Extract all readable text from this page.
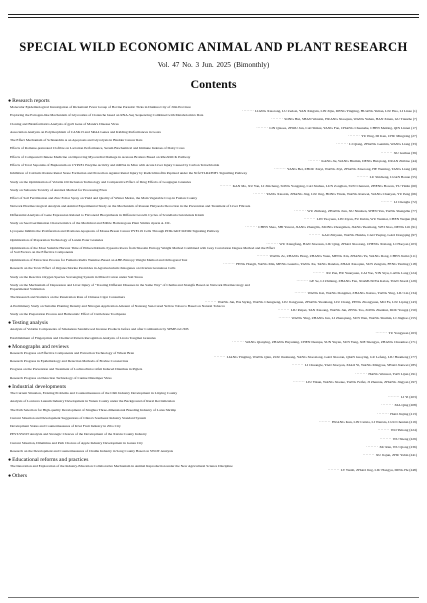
SPECIAL WILD ECONOMIC ANIMAL AND PLANT RESEARCH
Vol. 47 No. 3 Jun. 2025 (Bimonthly)
Contents
●Research reports
Molecular Epidemiological Investigation of Rickettsial Fever Group of Bovine Parasitic Ticks in Dunhua City of Jilin Province
········ LIANG Xiaotong, LU Zedosi, YAN Xingxin, LIN Zijie, DENG Yingting, HUANG Yulian, LIU Hao, LI Linze (1)
Exploring the Estrogen-like Mechanism of Glycosides of Cistanche based on RNA-Seq Sequencing Combined with Metabolomics Data
········ SONG Hui, SHAN Wenxin, HUANG Xiaoqian, WANG Yuhan, HAN Xinan, GU Tianzhe (7)
Cloning and Bioinformatics Analysis of gpr9 Gene of Marek's Disease Virus
········ LIN Qiaoee, ZHOU Jun, CAI Shikai, YANG Fan, CHANG Chuanshe, CHEN Meiting, QIN Linnei (17)
Association Analysis on Polymorphism of CASK13 and SRA4 Genes and Kidding Performances in Goats
········ YU Ping, DI Ken, CHU Mingxing (27)
The Effect Mechanism of Schisandrin A on Apoptosis and Glycolysis in Bladder Cancer Rats
········ LI Qiang, ZHANG Genmin, WANG Liang (33)
Effects of Romane-pretreated Clofibre on Lactation Performance, Serum Biochemical and Immune Indexes of Dairy Cows
········ XU Guihua (39)
Effects of Compound Chinese Medicine on Improving Myocardial Damage in Acetous Broilers Based on Rho/ROCK Pathway
········ KANG Jie, WANG Biumin, DENG Huiqiong, DUAN Zhibiao (44)
Effects of Total Saponins of Bupleurum on CYP2E1 Enzyme Activity and mRNA in Mice with Acute Liver Injury Caused by Carbon Tetrachloride
········ YANG Bei, ZHOU Xiayi, WANG Ziyi, ZHANG Xiaotong, HE Wenting, TANG Liang (49)
Inhibition of Calcium Oxalate Renal Stone Formation and Protection Against Renal Injury by Radicichinoflin Peptized under the Nrf2/TLR4/HIF1 Signalling Pathway
········ LU Shicheng, LUAN Bonan (55)
Study on the Optimization of Volatile Oil Inclusion Technology and Comparative Effect of Drug Effects of Gougugan Granules
········ KAN Mo, XU Yan, LI Zhicheng, SONG Yongping, CAI Xiuhua, LUN Zonglian, SUN Chenwei, ZHENG Bowen, YU Yinlin (60)
Study on Subacute Toxicity of Auxinol Method for Processing Ebon
········ YANG Xiaoxin, ZHANG Jing, LIU Jing, HONG Yinde, WANG Ronwei, WANG Chunyan, YU Peng (66)
Effect of Soil Fertilization and Zinc Foliar Spray on Yield and Quality of Winter Melon, the Main Vegetable Crop in Fuxian County
········ LI Chenglu (72)
Network Pharmacological Analysis and Animal Experimental Study on the Mechanism of Rousan Haiyaoda Decoction in the Prevention and Treatment of Liver Fibrosis
········ WU Zhihong, ZHANG Jian, XU Ninshen, SHEN Yan, YANG Shengzhu (77)
Differential Analysis of Gene Expression Related to Flavonoid Biosynthesis in Different Growth Cycles of Scutellaria baicalensis Kitam
········ LIN Yaoyuan, LIN Ziyan, FU Dabin, WU Wenhai, CHEN Weijun (84)
Study on Seed Germination Characteristics of the Medicinal and Edible Homologous Plant Smilax riparia A. DC.
········ CHEN Shao, SHI Yancai, JIANG Zhenglin, XIONG Zhongzhen, JIANG Yuezhang, WEI Xiao, DENG Lili (91)
Lycopene Inhibits the Proliferation and Promotes Apoptosis of Mouse Breast Cancer PYE119 Cells Through PI3K/AKT/mTOR Signaling Pathway
········ GAO Zhiyuan, WANG Huisha, CAO Yuqing, GAO Dongqing (97)
Optimization of Preparation Technology of Lutein Ester Granules
········ WU Xiangfang, HAN Xiaoxun, LIU Qing, ZHAO Xiaotong, CHENG Xixiang, LI Haoyan (103)
Optimization of the Most Suitable Harvest Time of Pithecellobium clypearia Roots from Shaoxin Entropy Weight Method Combined with Grey Correlation Degree Method and the Effect
of Soil Factors on the Effective Components
········ WANG Ze, ZHANG Hong, ZHANG Yuan, MENG Xin, ZHANG Yu, WANG Dong, CHEN Jiumi (111)
Optimization of Extraction Process for Fumaria Radix Wenmao Based on AHP-Entropy Weight Method and Orthogonal Test
········ FENG Hongli, YANG Min, MENG Guanbo, YANG Xu, TANG Dandan, ZHAO Xiaoqian, SUN Zengxin, FENG Yanling (118)
Research on the Toxic Effect of Organochlorine Pesticides in Agrobacterium rhizogenes on Ovarian Granulosa Cells
········ XU Pan, HU Yuanyuan, CAI Yao, YIN Siyu, LANG Lang (124)
Study on the Reactive Oxygen Species Scavenging System in Mixed Cotton under Salt Stress
········ GE Se, LI Zhiliang, ZHANG Fan, XIAMUXIYA Kalan, TIAN Xiaoli (129)
Study on the Mechanism of Depression and Liver Injury of "Treating Different Diseases in the Same Way" of Chaihu and Xiangfu Based on Network Pharmacology and
Experimental Validation
········ WANG Kai, WANG Dongmei, ZHANG Jiaxiao, YANG Ying, LIU Lin (134)
The Research and Statistics on the Penetration Rate of Chinese Cigar Consumers
········ WANG Jun, HA Siying, WANG Changzeng, LIU Jiangyuan, ZHANG Yuanhang, LIU Chang, PENG Zhongyuan, MO Fu, LIU Liping (143)
A Preliminary Study on Suitable Planting Density and Nitrogen Application Amount of Nantong Sun-Cured Yellow Tobacco Based on Natural Tobacco
········ LIU Peipei, TAN Xiaoang, WANG Jun, ZENG Tao, ZONG Zhenhui, DOU Yongqi (150)
Study on the Preparation Process and Hemostatic Effect of Cuttlebone Toothpaste
········ WANG Ying, ZHANG Jun, LI Zhenqiang, SUN Wen, WANG Shumin, LI Jinghao (155)
●Testing analysis
Analysis of Volatile Components of Smokeless Sandalwood Incense Products before and after Combustion by SPME-GC/MS
········ TU Yongyuan (163)
Establishment of Fingerprints and Chemical Pattern Recognition Analysis of Licoia Tongmai Granules
········ WANG Qianying, ZHANG Heyuning, CHEN Deanpu, SUN Yuyan, SUN Yang, XIE Shengyu, ZHANG Chuanhao (171)
●Monographs and reviews
Research Progress on Effective Components and Extraction Technology of Wheat Bran
········ LIANG Yingting, WANG Qian, ZOU Jiushuang, YANG Xiaoxiong, GAO Xiaoran, QIAN Guoying, GU Lefeng, LIU Huameng (177)
Research Progress in Epidemiology and Detection Methods of Bovine Coronavirus
········ LI Chuangle, YAO Xiaoyan, XIAO Yi, WANG Mingyue, SHAO Jianwei (185)
Progress on the Prevention and Treatment of Lachnoclinia rolfsii Induced Dianthus in Piglets
········ HANG Wenwei, YAN Lijun (191)
Research Progress on Detection Technology of Canine Distemper Virus
········ LIU Yikun, WANG Xiaoke, YANG Feifei, JI Zhenxie, ZHANG Jingyan (197)
●Industrial developments
The Current Situation, Existing Problems and Countermeasures of the Chili Industry Development in Linying County
········ LI Yi (203)
Analysis of Lonicera Luteum Industry Development in Yunan County under the Background of Rural Revitalization
········ XIA Qing (208)
The Path Selection for High-quality Development of Xinghua Three-dimensional Breeding Industry of Lotus Shrimp
········ HAO Jinjing (213)
Current Situation and Development Suggestions of China's Southeast Industry Standard System
········ HUANG Kun, LIN Cuixia, LI Wenxia, LUO Cheniun (219)
Development Status and Countermeasures of Kiwi Fruit Industry in Zibo City
········ WO Yuhong (224)
PEST-SWOT Analysis and Strategic Choices of the Development of the Xiaxiu County Industry
········ WU Sheng (229)
Current Situation, Dilemmas and Path Choices of Apple Industry Development in Gansu City
········ XU Ran, WU Qiong (236)
Research on the Development and Countermeasures of Chaihu Industry in Song County Based on SWOT Analysis
········ XU Jiajun, ZHU Yabin (241)
●Educational reforms and practices
The Innovation and Exploration of the Industry-Education Collaborative Mechanism in Animal Reproduction under the New Agricultural Science Discipline
········ LV Wenli, ZHAO Jing, LIU Hongyu, DING He (248)
●Others
